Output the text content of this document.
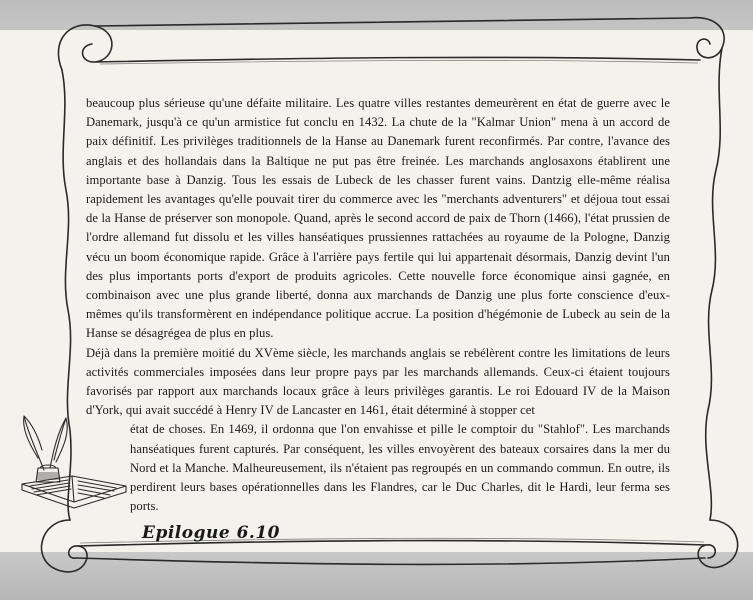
beaucoup plus sérieuse qu'une défaite militaire. Les quatre villes restantes demeurèrent en état de guerre avec le Danemark, jusqu'à ce qu'un armistice fut conclu en 1432. La chute de la "Kalmar Union" mena à un accord de paix définitif. Les privilèges traditionnels de la Hanse au Danemark furent reconfirmés. Par contre, l'avance des anglais et des hollandais dans la Baltique ne put pas être freinée. Les marchands anglosaxons établirent une importante base à Danzig. Tous les essais de Lubeck de les chasser furent vains. Dantzig elle-même réalisa rapidement les avantages qu'elle pouvait tirer du commerce avec les "merchants adventurers" et déjoua tout essai de la Hanse de préserver son monopole. Quand, après le second accord de paix de Thorn (1466), l'état prussien de l'ordre allemand fut dissolu et les villes hanséatiques prussiennes rattachées au royaume de la Pologne, Danzig vécu un boom économique rapide. Grâce à l'arrière pays fertile qui lui appartenait désormais, Danzig devint l'un des plus importants ports d'export de produits agricoles. Cette nouvelle force économique ainsi gagnée, en combinaison avec une plus grande liberté, donna aux marchands de Danzig une plus forte conscience d'eux-mêmes qu'ils transformèrent en indépendance politique accrue. La position d'hégémonie de Lubeck au sein de la Hanse se désagrégea de plus en plus.

Déjà dans la première moitié du XVème siècle, les marchands anglais se rebélèrent contre les limitations de leurs activités commerciales imposées dans leur propre pays par les marchands allemands. Ceux-ci étaient toujours favorisés par rapport aux marchands locaux grâce à leurs privilèges garantis. Le roi Edouard IV de la Maison d'York, qui avait succédé à Henry IV de Lancaster en 1461, était déterminé à stopper cet

état de choses. En 1469, il ordonna que l'on envahisse et pille le comptoir du "Stahlof". Les marchands hanséatiques furent capturés. Par conséquent, les villes envoyèrent des bateaux corsaires dans la mer du Nord et la Manche. Malheureusement, ils n'étaient pas regroupés en un commando commun. En outre, ils perdirent leurs bases opérationnelles dans les Flandres, car le Duc Charles, dit le Hardi, leur ferma ses ports.

Epilogue 6.10
